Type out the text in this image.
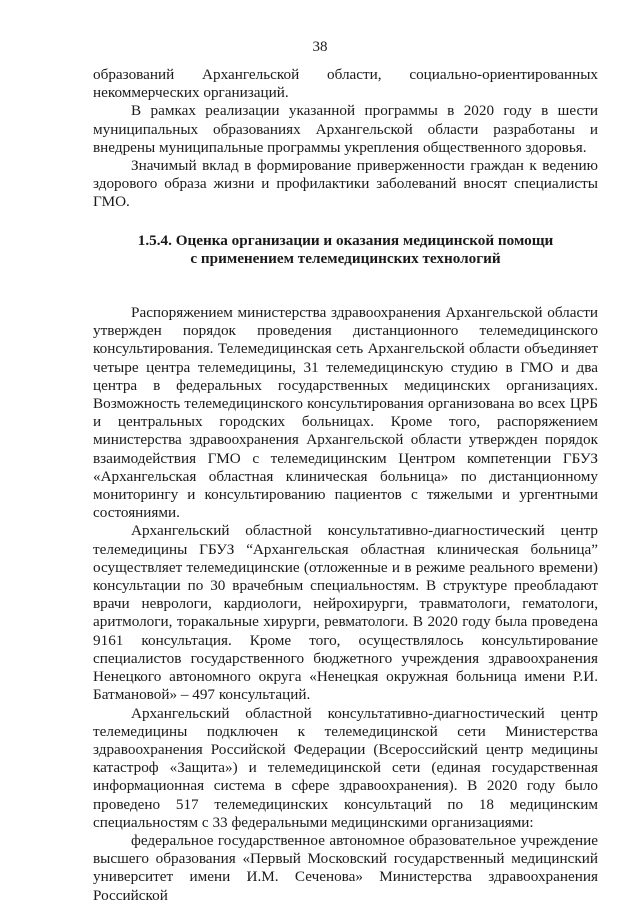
38

образований Архангельской области, социально-ориентированных некоммерческих организаций.

В рамках реализации указанной программы в 2020 году в шести муниципальных образованиях Архангельской области разработаны и внедрены муниципальные программы укрепления общественного здоровья.

Значимый вклад в формирование приверженности граждан к ведению здорового образа жизни и профилактики заболеваний вносят специалисты ГМО.

1.5.4. Оценка организации и оказания медицинской помощи
с применением телемедицинских технологий

Распоряжением министерства здравоохранения Архангельской области утвержден порядок проведения дистанционного телемедицинского консультирования. Телемедицинская сеть Архангельской области объединяет четыре центра телемедицины, 31 телемедицинскую студию в ГМО и два центра в федеральных государственных медицинских организациях. Возможность телемедицинского консультирования организована во всех ЦРБ и центральных городских больницах. Кроме того, распоряжением министерства здравоохранения Архангельской области утвержден порядок взаимодействия ГМО с телемедицинским Центром компетенции ГБУЗ «Архангельская областная клиническая больница» по дистанционному мониторингу и консультированию пациентов с тяжелыми и ургентными состояниями.

Архангельский областной консультативно-диагностический центр телемедицины ГБУЗ “Архангельская областная клиническая больница” осуществляет телемедицинские (отложенные и в режиме реального времени) консультации по 30 врачебным специальностям. В структуре преобладают врачи неврологи, кардиологи, нейрохирурги, травматологи, гематологи, аритмологи, торакальные хирурги, ревматологи. В 2020 году была проведена 9161 консультация. Кроме того, осуществлялось консультирование специалистов государственного бюджетного учреждения здравоохранения Ненецкого автономного округа «Ненецкая окружная больница имени Р.И. Батмановой» – 497 консультаций.

Архангельский областной консультативно-диагностический центр телемедицины подключен к телемедицинской сети Министерства здравоохранения Российской Федерации (Всероссийский центр медицины катастроф «Защита») и телемедицинской сети (единая государственная информационная система в сфере здравоохранения). В 2020 году было проведено 517 телемедицинских консультаций по 18 медицинским специальностям с 33 федеральными медицинскими организациями:

федеральное государственное автономное образовательное учреждение высшего образования «Первый Московский государственный медицинский университет имени И.М. Сеченова» Министерства здравоохранения Российской
